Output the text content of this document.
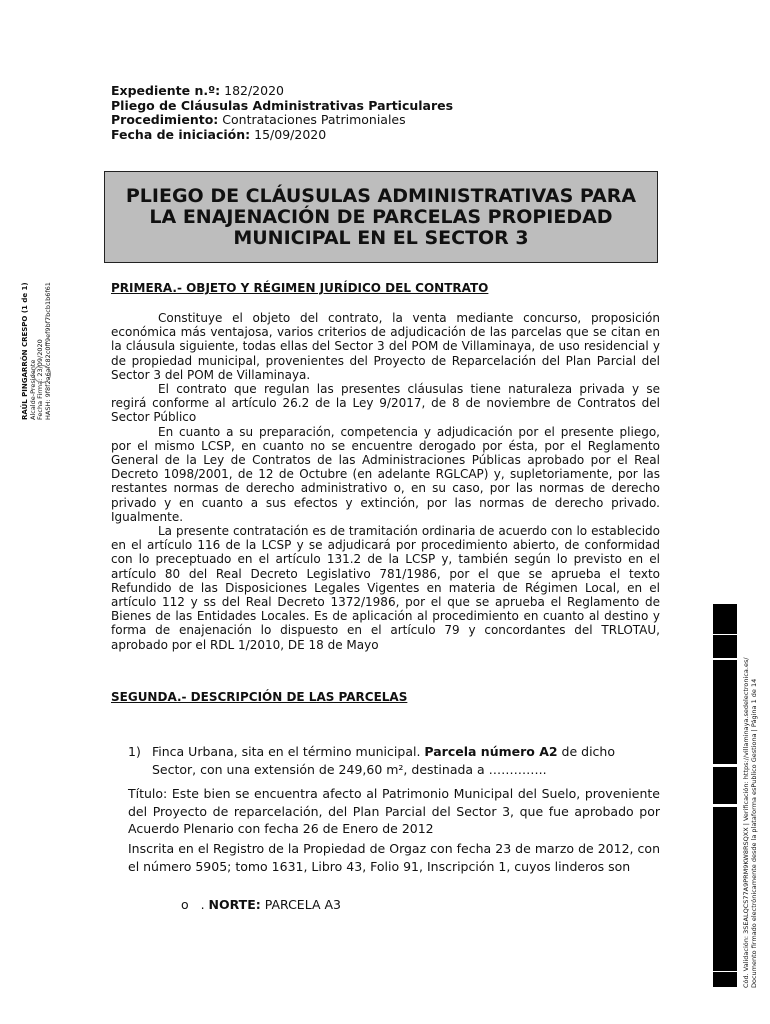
Expediente n.º: 182/2020
Pliego de Cláusulas Administrativas Particulares
Procedimiento: Contrataciones Patrimoniales
Fecha de iniciación: 15/09/2020
PLIEGO DE CLÁUSULAS ADMINISTRATIVAS PARA LA ENAJENACIÓN DE PARCELAS PROPIEDAD MUNICIPAL EN EL SECTOR 3
PRIMERA.- OBJETO Y RÉGIMEN JURÍDICO DEL CONTRATO

Constituye el objeto del contrato, la venta mediante concurso, proposición económica más ventajosa, varios criterios de adjudicación de las parcelas que se citan en la cláusula siguiente, todas ellas del Sector 3 del POM de Villaminaya, de uso residencial y de propiedad municipal, provenientes del Proyecto de Reparcelación del Plan Parcial del Sector 3 del POM de Villaminaya.

El contrato que regulan las presentes cláusulas tiene naturaleza privada y se regirá conforme al artículo 26.2 de la Ley 9/2017, de 8 de noviembre de Contratos del Sector Público

En cuanto a su preparación, competencia y adjudicación por el presente pliego, por el mismo LCSP, en cuanto no se encuentre derogado por ésta, por el Reglamento General de la Ley de Contratos de las Administraciones Públicas aprobado por el Real Decreto 1098/2001, de 12 de Octubre (en adelante RGLCAP) y, supletoriamente, por las restantes normas de derecho administrativo o, en su caso, por las normas de derecho privado y en cuanto a sus efectos y extinción, por las normas de derecho privado. Igualmente.

La presente contratación es de tramitación ordinaria de acuerdo con lo establecido en el artículo 116 de la LCSP y se adjudicará por procedimiento abierto, de conformidad con lo preceptuado en el artículo 131.2 de la LCSP y, también según lo previsto en el artículo 80 del Real Decreto Legislativo 781/1986, por el que se aprueba el texto Refundido de las Disposiciones Legales Vigentes en materia de Régimen Local, en el artículo 112 y ss del Real Decreto 1372/1986, por el que se aprueba el Reglamento de Bienes de las Entidades Locales. Es de aplicación al procedimiento en cuanto al destino y forma de enajenación lo dispuesto en el artículo 79 y concordantes del TRLOTAU, aprobado por el RDL 1/2010, DE 18 de Mayo

SEGUNDA.- DESCRIPCIÓN DE LAS PARCELAS
1) Finca Urbana, sita en el término municipal. Parcela número A2 de dicho Sector, con una extensión de 249,60 m², destinada a …………..
Título: Este bien se encuentra afecto al Patrimonio Municipal del Suelo, proveniente del Proyecto de reparcelación, del Plan Parcial del Sector 3, que fue aprobado por Acuerdo Plenario con fecha 26 de Enero de 2012
Inscrita en el Registro de la Propiedad de Orgaz con fecha 23 de marzo de 2012, con el número 5905; tomo 1631, Libro 43, Folio 91, Inscripción 1, cuyos linderos son
o . NORTE: PARCELA A3
RAÚL PINGARRÓN CRESPO (1 de 1) Alcalde-Presidente Fecha Firma: 23/09/2020 HASH: 9f8f2a6afc82c0ff9ef9bf7bcb1b6f61
Cód. Validación: 3SEALQCS77A9PRM9KW8RSQXX | Verificación: https://villaminaya.sedelectronica.es/ Documento firmado electrónicamente desde la plataforma esPublico Gestiona | Página 1 de 14
